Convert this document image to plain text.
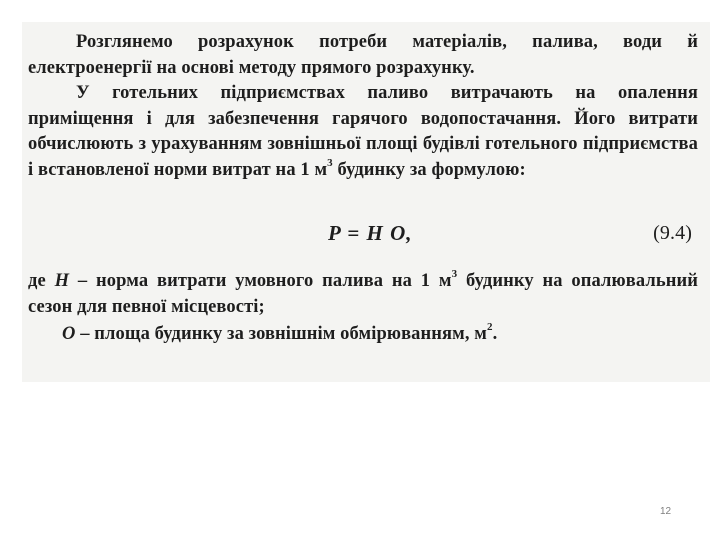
Розглянемо розрахунок потреби матеріалів, палива, води й електроенергії на основі методу прямого розрахунку.

У готельних підприємствах паливо витрачають на опалення приміщення і для забезпечення гарячого водопостачання. Його витрати обчислюють з урахуванням зовнішньої площі будівлі готельного підприємства і встановленої норми витрат на 1 $м^3$ будинку за формулою:

P = H O,	(9.4)

де H – норма витрати умовного палива на 1 $м^3$ будинку на опалювальний сезон для певної місцевості;

O – площа будинку за зовнішнім обмірюванням, $м^2$.

12
